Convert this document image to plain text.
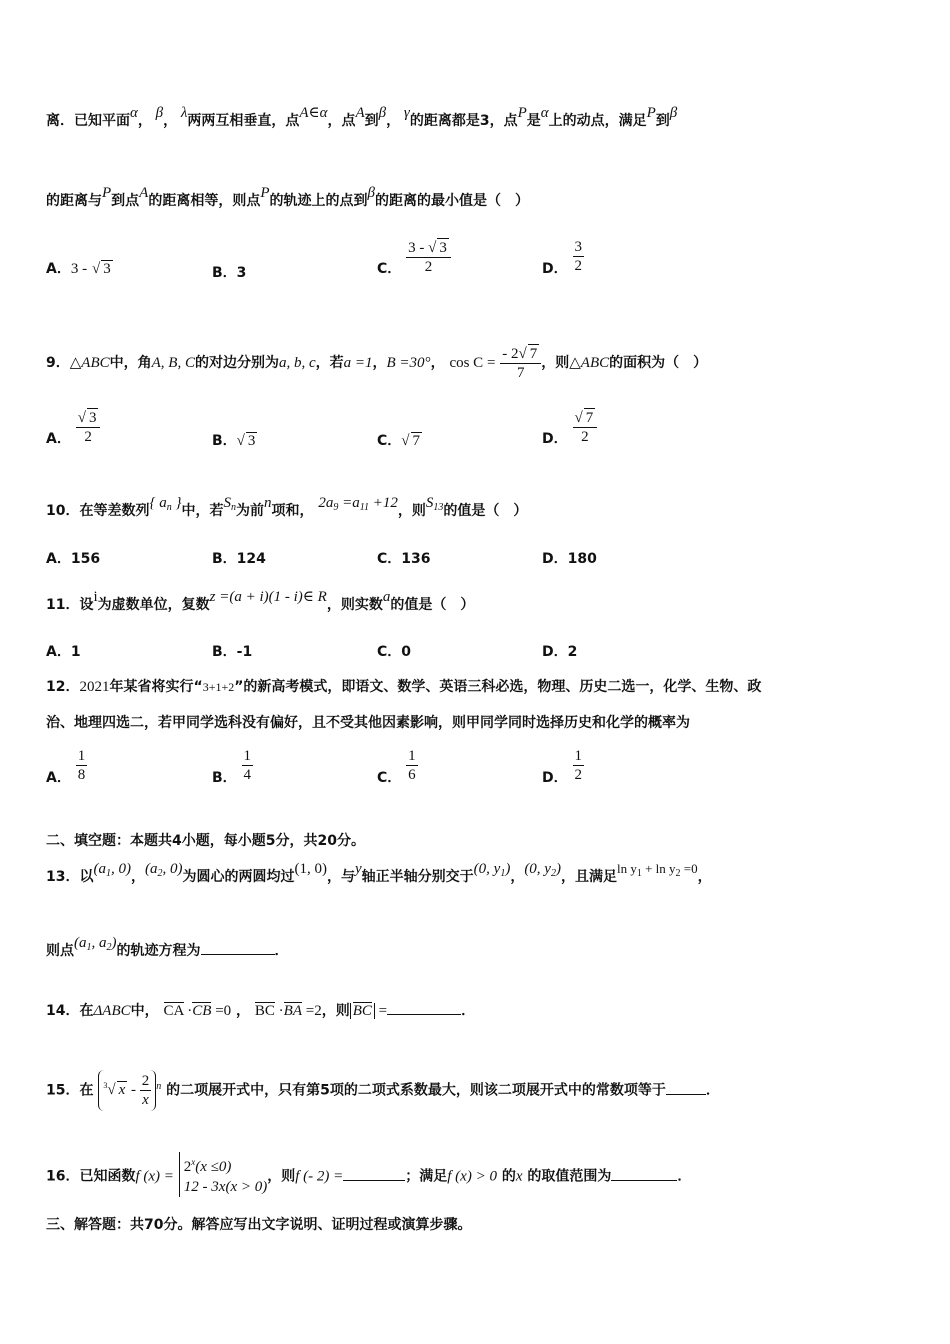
离．已知平面α， β， λ两两互相垂直，点A∈α，点A到β， γ的距离都是3，点P是α上的动点，满足P到β
的距离与P到点A的距离相等，则点P的轨迹上的点到β的距离的最小值是（　）
A．3 - √ 3	B．3	C． $\frac{3 - √ 3}{2}$	D． $\frac{3}{2}$
9．△ABC中，角A, B, C的对边分别为a, b, c，若a =1，B =30°， $\cos C = \frac{- 2√ 7}{7}$ ，则△ABC的面积为（　）
A． $\frac{√ 3}{2}$	B．√ 3	C．√ 7	D． $\frac{√ 7}{2}$
10．在等差数列{ $a_n$ }中，若$S_n$为前n项和， $2a_9 =a_{11} +12$，则$S_{13}$的值是（　）
A．156	B．124	C．136	D．180
11．设i为虚数单位，复数z =(a + i)(1 - i)∈ R，则实数a的值是（　）
A．1	B．-1	C．0	D．2
12．2021年某省将实行“3+1+2”的新高考模式，即语文、数学、英语三科必选，物理、历史二选一，化学、生物、政
治、地理四选二，若甲同学选科没有偏好，且不受其他因素影响，则甲同学同时选择历史和化学的概率为
A． $\frac{1}{8}$	B． $\frac{1}{4}$	C． $\frac{1}{6}$	D． $\frac{1}{2}$
二、填空题：本题共4小题，每小题5分，共20分。
13．以($a_1$, 0)，($a_2$, 0)为圆心的两圆均过(1, 0)，与y轴正半轴分别交于(0, $y_1$)，(0, $y_2$)，且满足$\ln y_1 + \ln y_2 =0$，
则点($a_1$, $a_2$)的轨迹方程为	．
14．在ΔABC中， CA ·CB =0 ， BC ·BA =2，则 BC =	．
15．在 $^3$√ x - $\frac{2}{x} ^n$ 的二项展开式中，只有第5项的二项式系数最大，则该二项展开式中的常数项等于	．
16．已知函数f (x) =
$2^x(x \le 0)$
12 - 3x(x > 0)
，则f (- 2) =	；满足f (x) > 0 的x 的取值范围为	．
三、解答题：共70分。解答应写出文字说明、证明过程或演算步骤。
